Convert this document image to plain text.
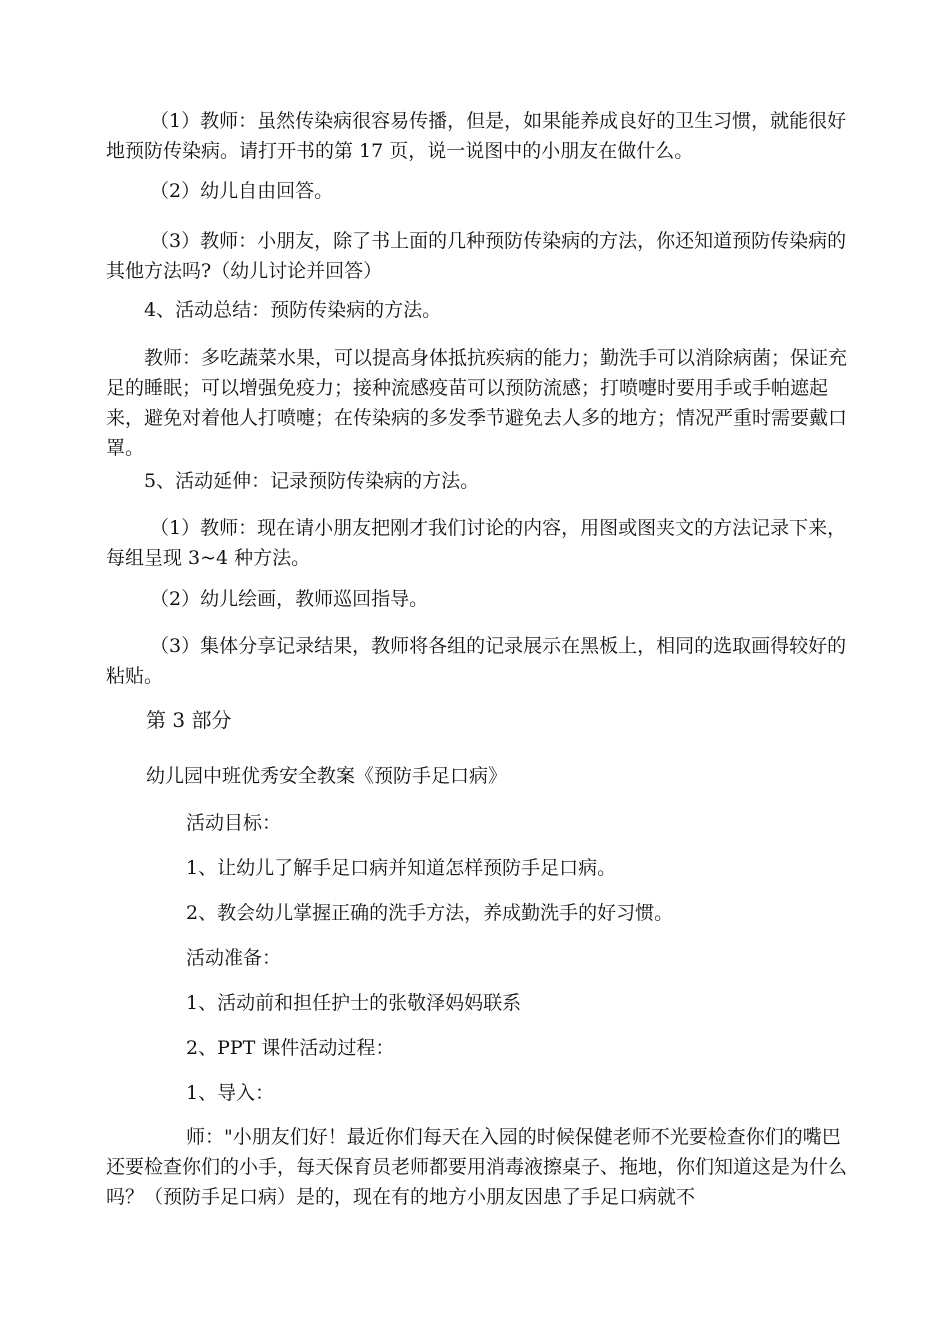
（1）教师：虽然传染病很容易传播，但是，如果能养成良好的卫生习惯，就能很好地预防传染病。请打开书的第 17 页，说一说图中的小朋友在做什么。

（2）幼儿自由回答。

（3）教师：小朋友，除了书上面的几种预防传染病的方法，你还知道预防传染病的其他方法吗?（幼儿讨论并回答）

4、活动总结：预防传染病的方法。

教师：多吃蔬菜水果，可以提高身体抵抗疾病的能力；勤洗手可以消除病菌；保证充足的睡眠；可以增强免疫力；接种流感疫苗可以预防流感；打喷嚏时要用手或手帕遮起来，避免对着他人打喷嚏；在传染病的多发季节避免去人多的地方；情况严重时需要戴口罩。

5、活动延伸：记录预防传染病的方法。

（1）教师：现在请小朋友把刚才我们讨论的内容，用图或图夹文的方法记录下来，每组呈现 3~4 种方法。

（2）幼儿绘画，教师巡回指导。

（3）集体分享记录结果，教师将各组的记录展示在黑板上，相同的选取画得较好的粘贴。

第 3 部分

幼儿园中班优秀安全教案《预防手足口病》

活动目标：

1、让幼儿了解手足口病并知道怎样预防手足口病。

2、教会幼儿掌握正确的洗手方法，养成勤洗手的好习惯。

活动准备：

1、活动前和担任护士的张敬泽妈妈联系

2、PPT 课件活动过程：

1、导入：

师："小朋友们好！最近你们每天在入园的时候保健老师不光要检查你们的嘴巴还要检查你们的小手，每天保育员老师都要用消毒液擦桌子、拖地，你们知道这是为什么吗？（预防手足口病）是的，现在有的地方小朋友因患了手足口病就不
